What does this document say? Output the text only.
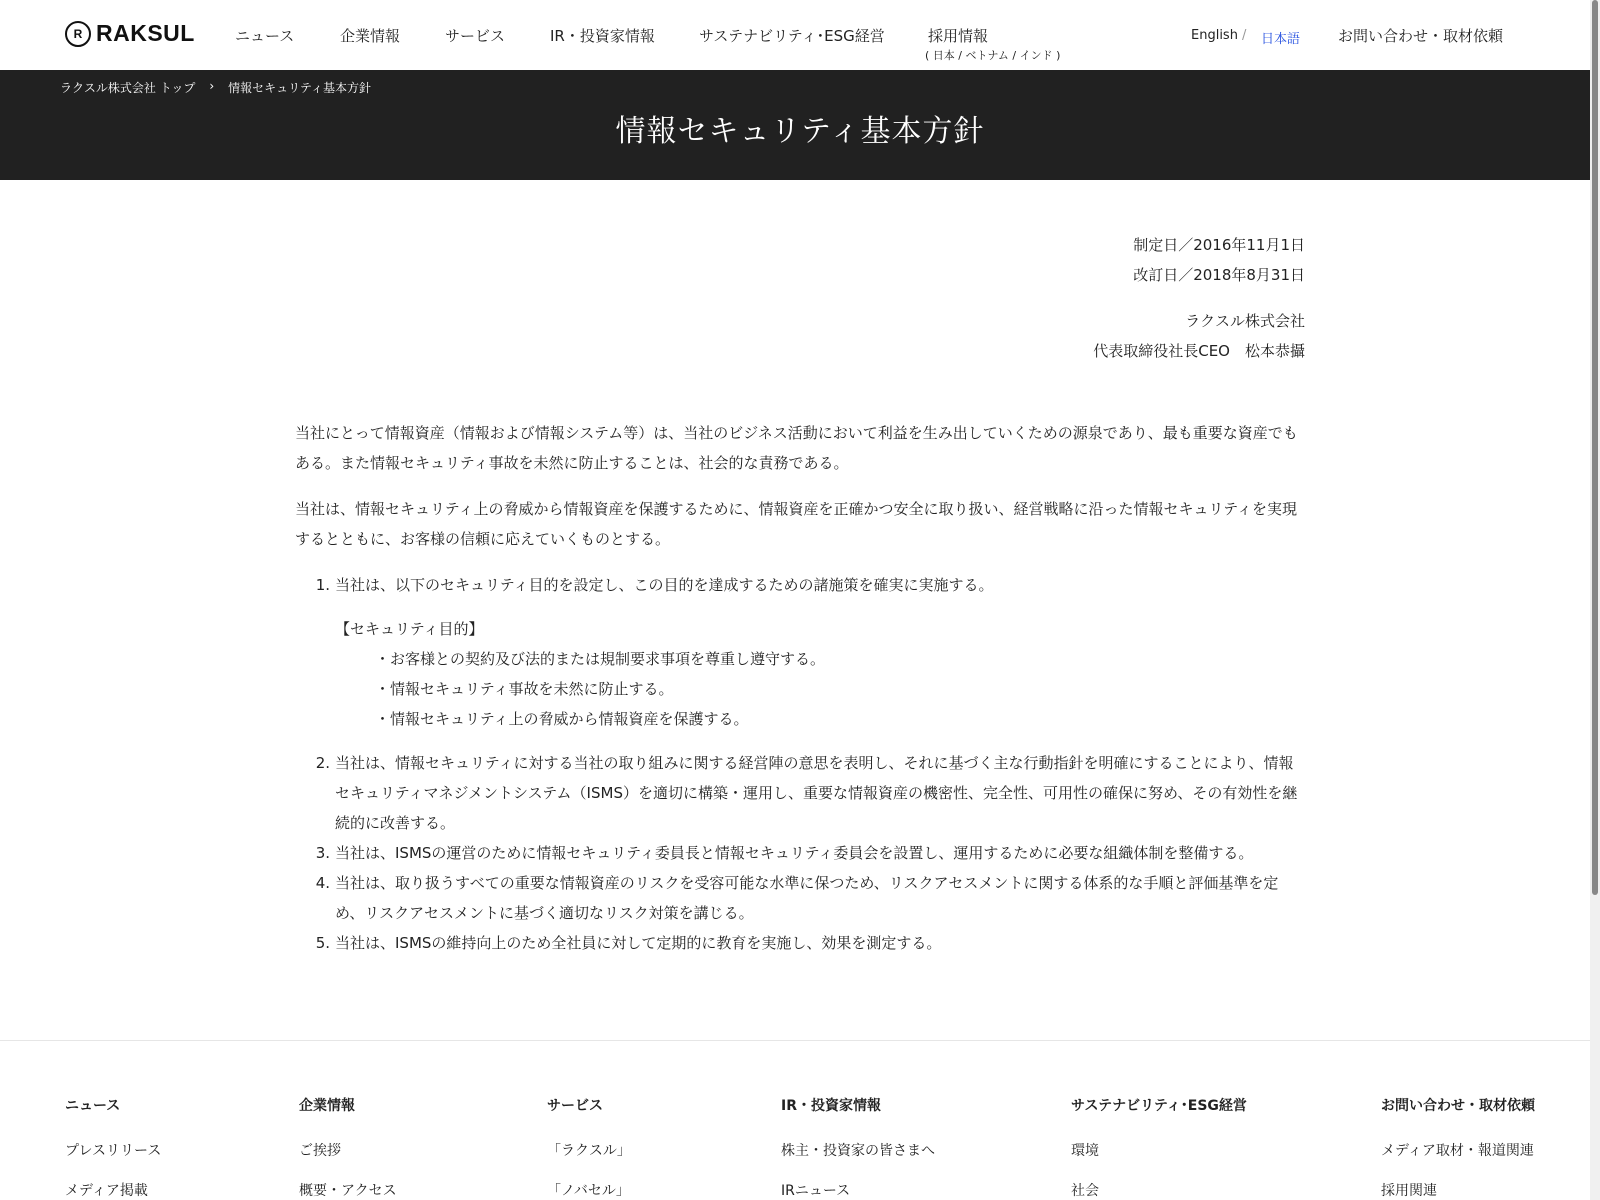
R RAKSUL	ニュース	企業情報	サービス	IR・投資家情報	サステナビリティ･ESG経営	採用情報
( 日本 / ベトナム / インド )
English / 日本語	お問い合わせ・取材依頼
ラクスル株式会社 トップ › 情報セキュリティ基本方針
情報セキュリティ基本方針
制定日／2016年11月1日
改訂日／2018年8月31日
ラクスル株式会社
代表取締役社長CEO　松本恭攝

当社にとって情報資産（情報および情報システム等）は、当社のビジネス活動において利益を生み出していくための源泉であり、最も重要な資産でもある。また情報セキュリティ事故を未然に防止することは、社会的な責務である。

当社は、情報セキュリティ上の脅威から情報資産を保護するために、情報資産を正確かつ安全に取り扱い、経営戦略に沿った情報セキュリティを実現するとともに、お客様の信頼に応えていくものとする。

1. 当社は、以下のセキュリティ目的を設定し、この目的を達成するための諸施策を確実に実施する。
【セキュリティ目的】
・お客様との契約及び法的または規制要求事項を尊重し遵守する。
・情報セキュリティ事故を未然に防止する。
・情報セキュリティ上の脅威から情報資産を保護する。
2. 当社は、情報セキュリティに対する当社の取り組みに関する経営陣の意思を表明し、それに基づく主な行動指針を明確にすることにより、情報セキュリティマネジメントシステム（ISMS）を適切に構築・運用し、重要な情報資産の機密性、完全性、可用性の確保に努め、その有効性を継続的に改善する。
3. 当社は、ISMSの運営のために情報セキュリティ委員長と情報セキュリティ委員会を設置し、運用するために必要な組織体制を整備する。
4. 当社は、取り扱うすべての重要な情報資産のリスクを受容可能な水準に保つため、リスクアセスメントに関する体系的な手順と評価基準を定め、リスクアセスメントに基づく適切なリスク対策を講じる。
5. 当社は、ISMSの維持向上のため全社員に対して定期的に教育を実施し、効果を測定する。
ニュース
プレスリリース
メディア掲載
企業情報
ご挨拶
概要・アクセス
サービス
「ラクスル」
「ノバセル」
IR・投資家情報
株主・投資家の皆さまへ
IRニュース
サステナビリティ･ESG経営
環境
社会
お問い合わせ・取材依頼
メディア取材・報道関連
採用関連
